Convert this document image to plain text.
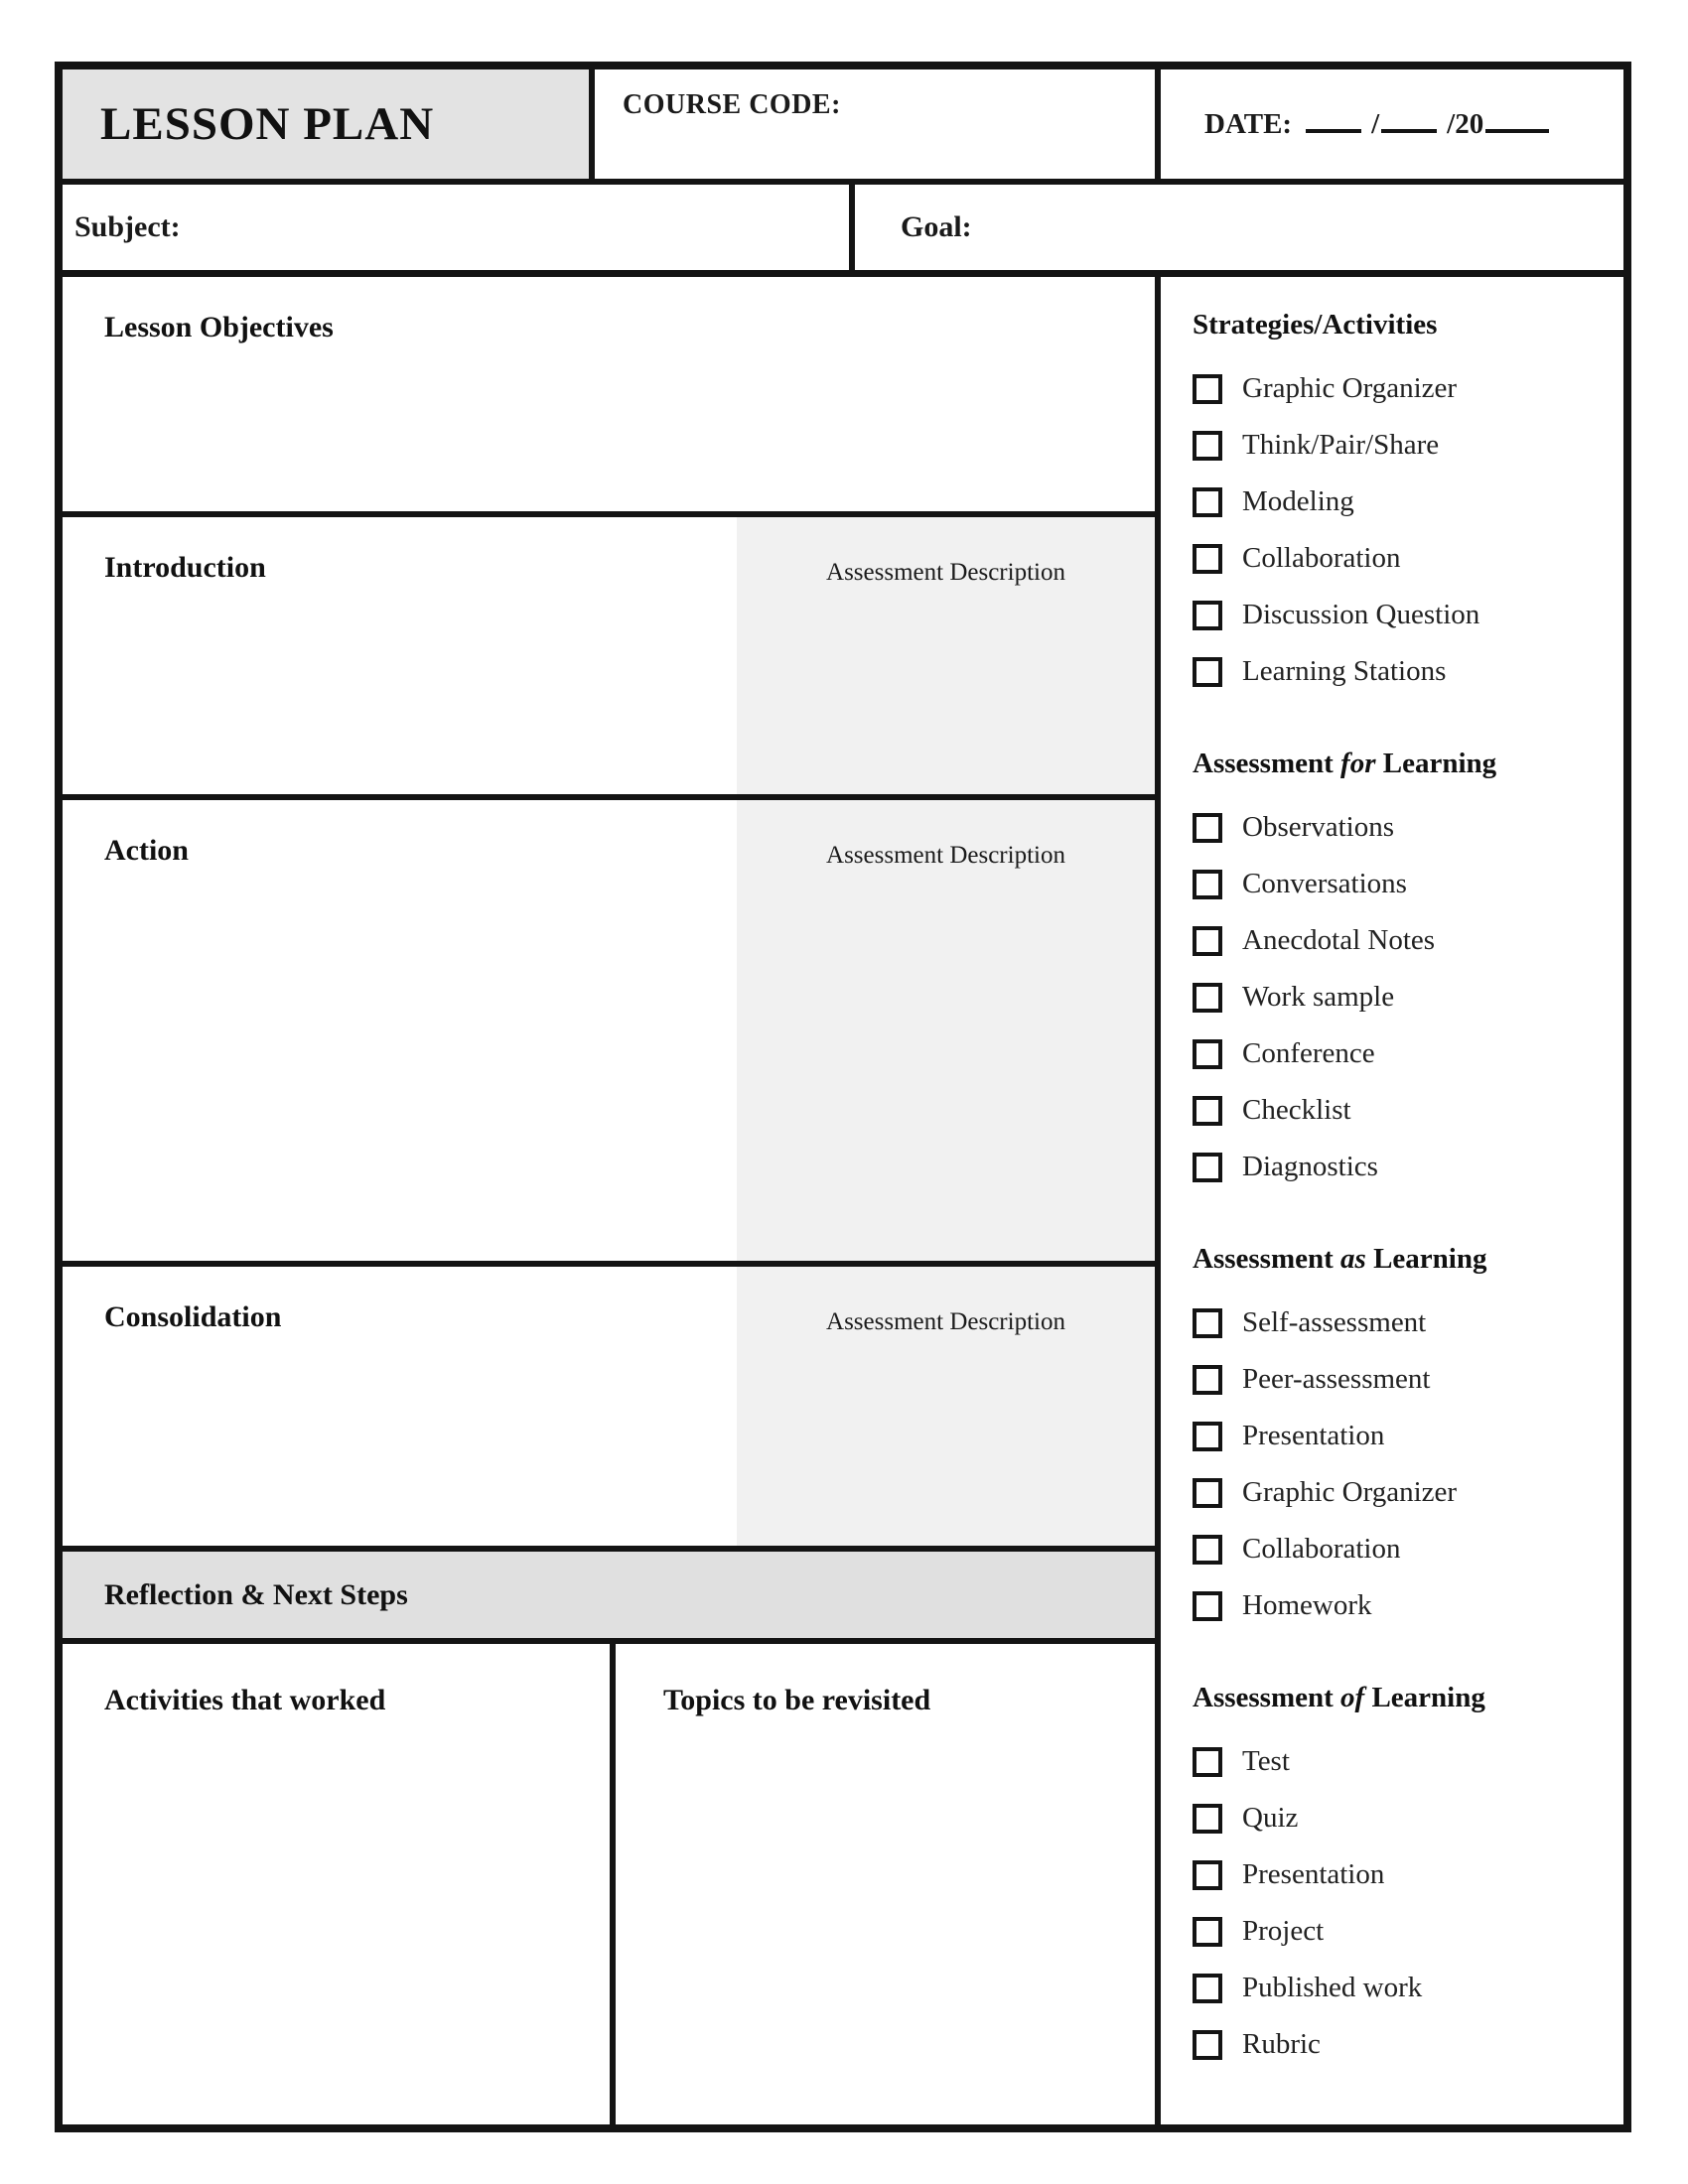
LESSON PLAN	COURSE CODE:
DATE:	/ /20
Subject:	Goal:
Lesson Objectives
Introduction	Assessment Description
Action	Assessment Description
Consolidation	Assessment Description
Reflection & Next Steps
Activities that worked	Topics to be revisited
Strategies/Activities
Graphic Organizer
Think/Pair/Share
Modeling
Collaboration
Discussion Question
Learning Stations
Assessment for Learning
Observations
Conversations
Anecdotal Notes
Work sample
Conference
Checklist
Diagnostics
Assessment as Learning
Self-assessment
Peer-assessment
Presentation
Graphic Organizer
Collaboration
Homework
Assessment of Learning
Test
Quiz
Presentation
Project
Published work
Rubric
